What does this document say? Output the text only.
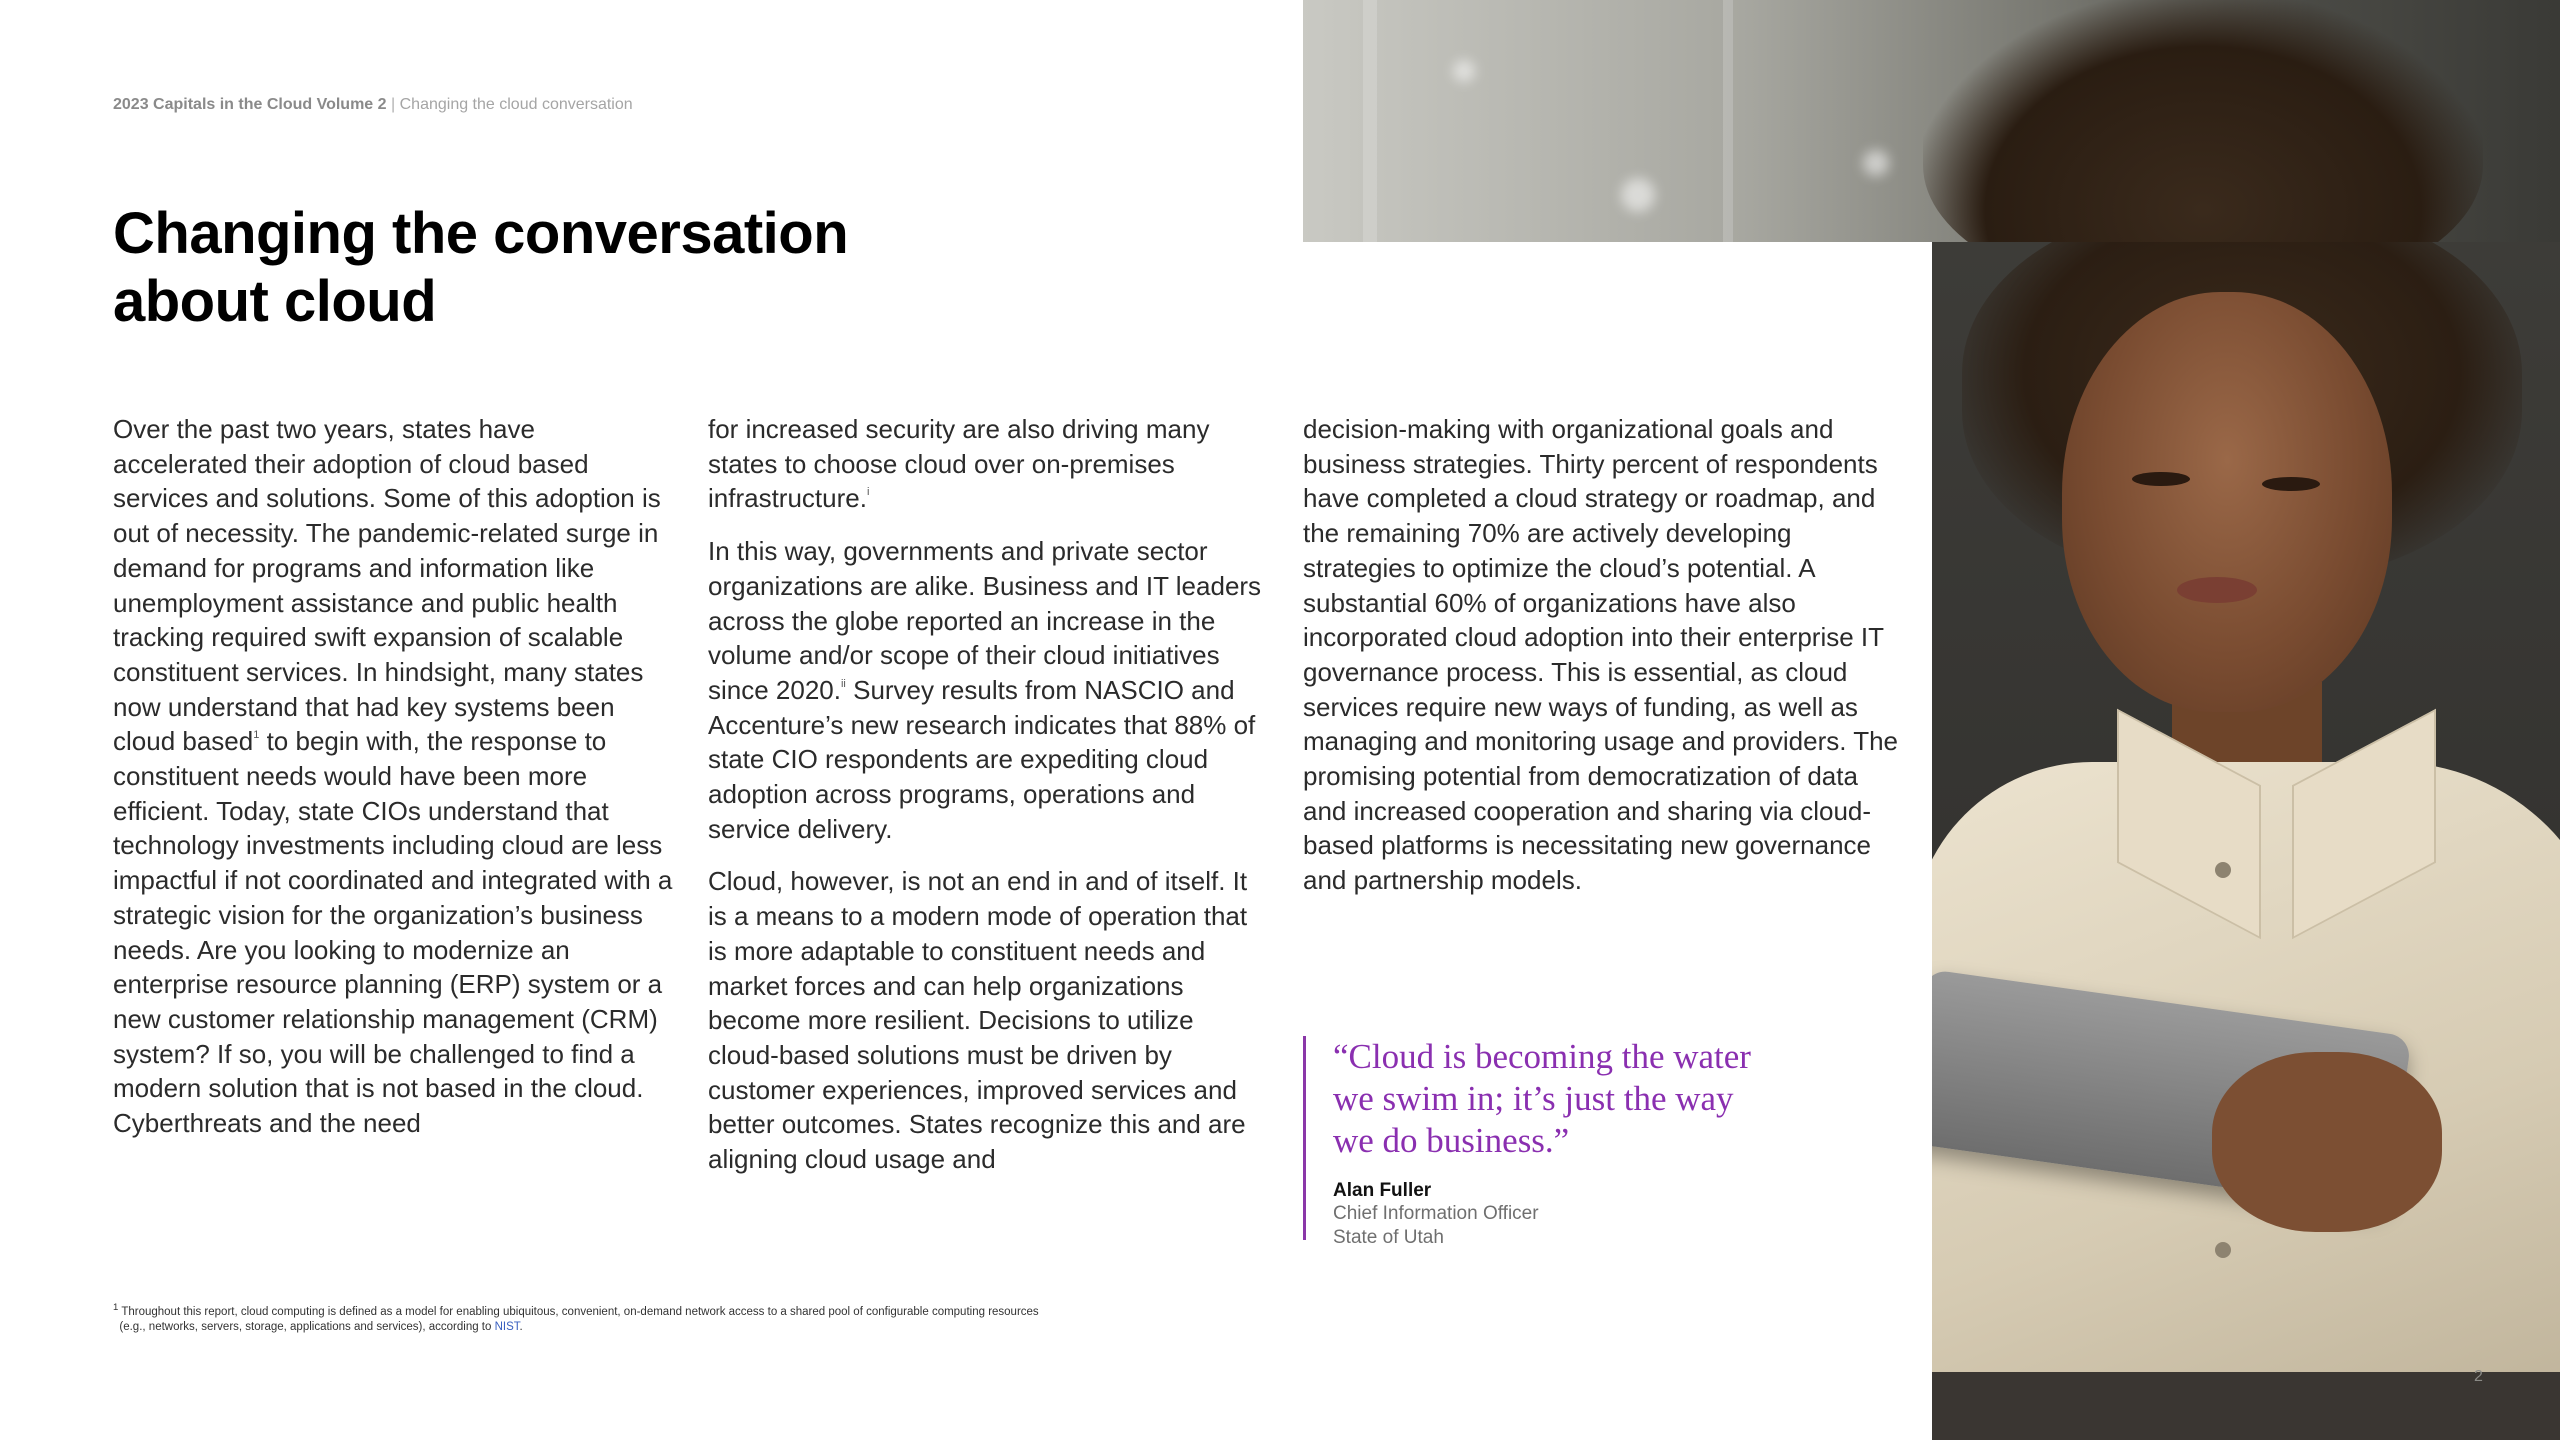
2023 Capitals in the Cloud Volume 2 | Changing the cloud conversation
Changing the conversation
about cloud

Over the past two years, states have accelerated their adoption of cloud based services and solutions. Some of this adoption is out of necessity. The pandemic-related surge in demand for programs and information like unemployment assistance and public health tracking required swift expansion of scalable constituent services. In hindsight, many states now understand that had key systems been cloud based$^1$ to begin with, the response to constituent needs would have been more efficient. Today, state CIOs understand that technology investments including cloud are less impactful if not coordinated and integrated with a strategic vision for the organization’s business needs. Are you looking to modernize an enterprise resource planning (ERP) system or a new customer relationship management (CRM) system? If so, you will be challenged to find a modern solution that is not based in the cloud. Cyberthreats and the need

for increased security are also driving many states to choose cloud over on-premises infrastructure.$^i$

In this way, governments and private sector organizations are alike. Business and IT leaders across the globe reported an increase in the volume and/or scope of their cloud initiatives since 2020.$^{ii}$ Survey results from NASCIO and Accenture’s new research indicates that 88% of state CIO respondents are expediting cloud adoption across programs, operations and service delivery.

Cloud, however, is not an end in and of itself. It is a means to a modern mode of operation that is more adaptable to constituent needs and market forces and can help organizations become more resilient. Decisions to utilize cloud-based solutions must be driven by customer experiences, improved services and better outcomes. States recognize this and are aligning cloud usage and

decision-making with organizational goals and business strategies. Thirty percent of respondents have completed a cloud strategy or roadmap, and the remaining 70% are actively developing strategies to optimize the cloud’s potential. A substantial 60% of organizations have also incorporated cloud adoption into their enterprise IT governance process. This is essential, as cloud services require new ways of funding, as well as managing and monitoring usage and providers. The promising potential from democratization of data and increased cooperation and sharing via cloud-based platforms is necessitating new governance and partnership models.

“Cloud is becoming the water
we swim in; it’s just the way
we do business.”

Alan Fuller
Chief Information Officer
State of Utah
$^1$ Throughout this report, cloud computing is defined as a model for enabling ubiquitous, convenient, on-demand network access to a shared pool of configurable computing resources
(e.g., networks, servers, storage, applications and services), according to NIST.
2
